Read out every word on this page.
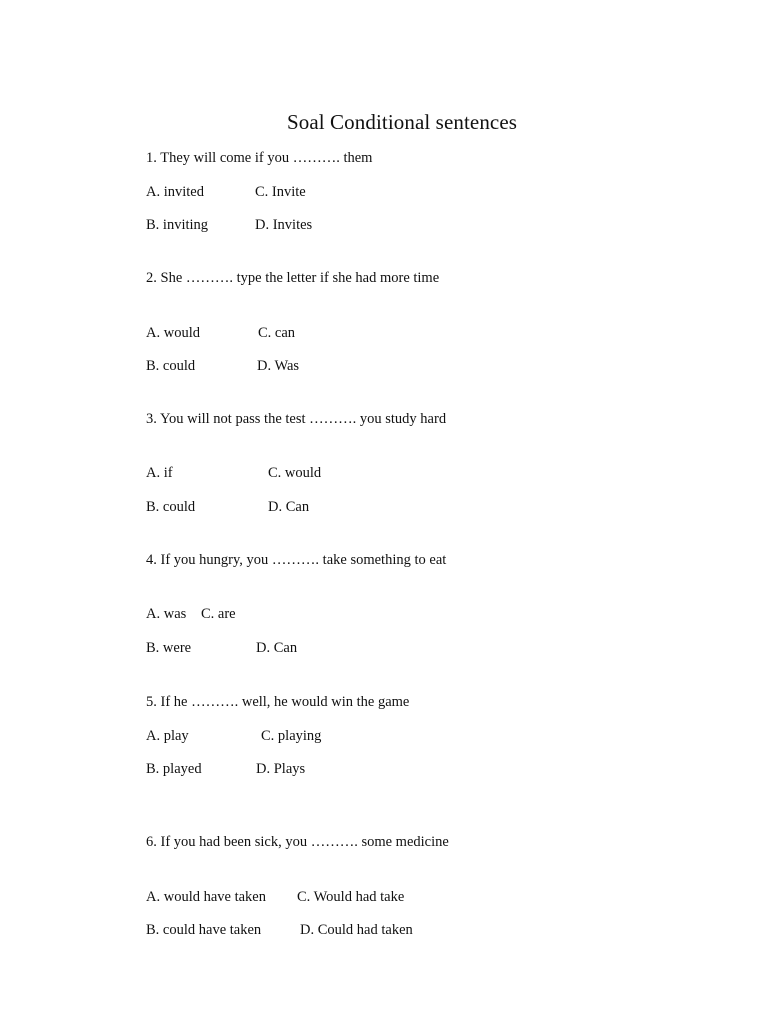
Soal Conditional sentences
1. They will come if you ………. them
A. invited	C. Invite
B. inviting	D. Invites
2. She ………. type the letter if she had more time
A. would	C. can
B. could	D. Was
3. You will not pass the test ………. you study hard
A. if	C. would
B. could	D. Can
4. If you hungry, you ………. take something to eat
A. was C. are
B. were	D. Can
5. If he ………. well, he would win the game
A. play	C. playing
B. played	D. Plays
6. If you had been sick, you ………. some medicine
A. would have taken C. Would had take
B. could have taken	D. Could had taken
